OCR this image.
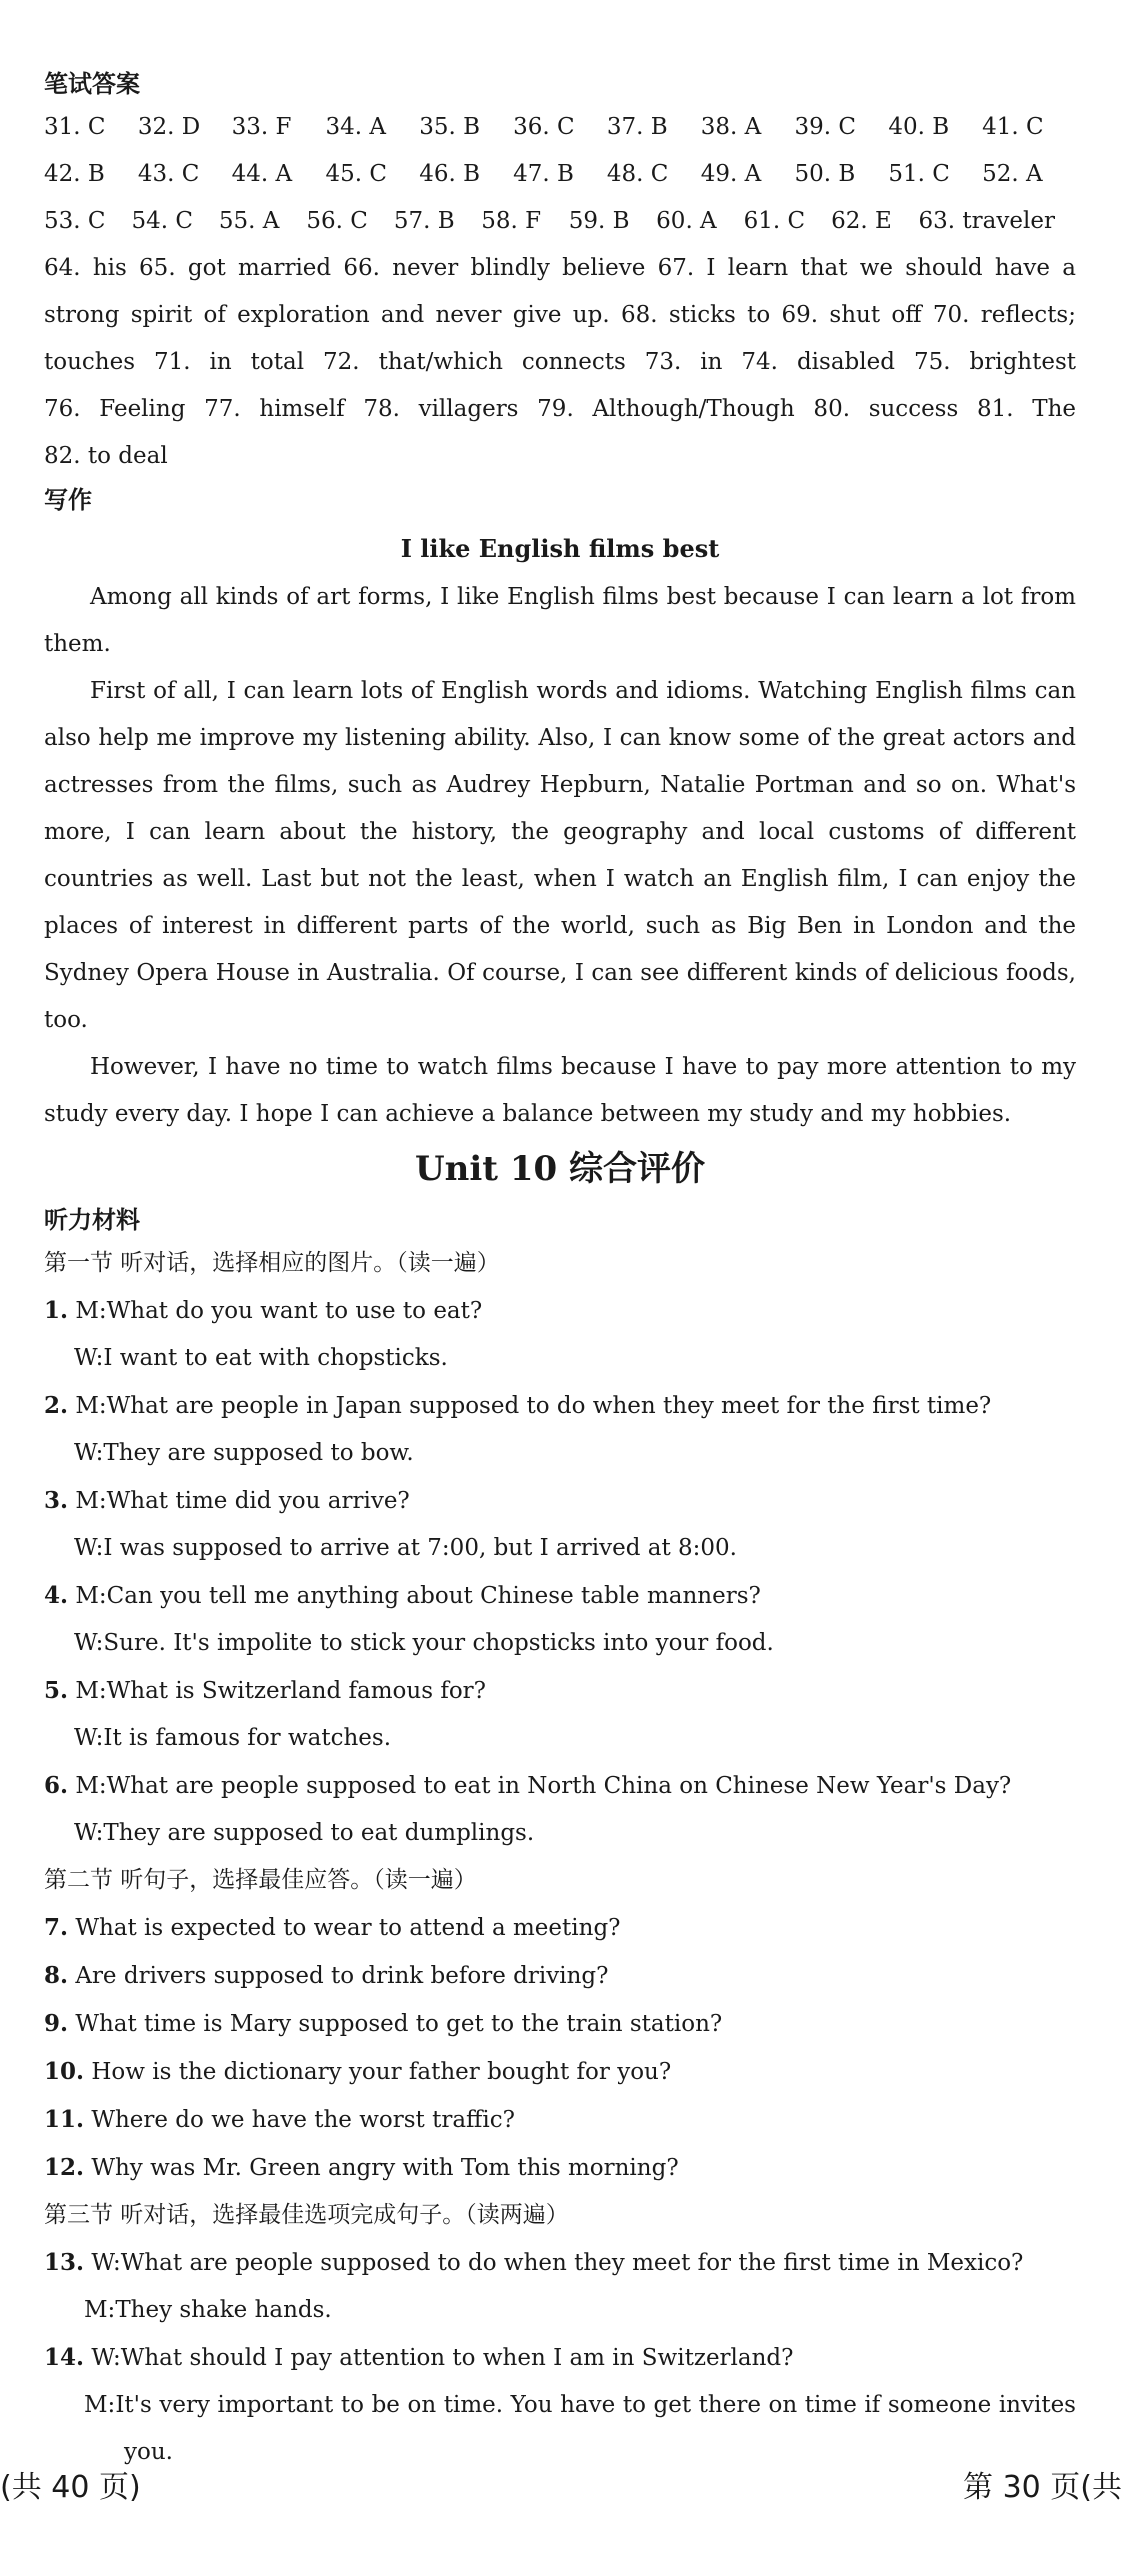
笔试答案
31. C	32. D	33. F	34. A	35. B	36. C	37. B	38. A	39. C	40. B	41. C
42. B	43. C	44. A	45. C	46. B	47. B	48. C	49. A	50. B	51. C	52. A
53. C	54. C	55. A	56. C	57. B	58. F	59. B	60. A	61. C	62. E	63. traveler
64. his 65. got married 66. never blindly believe 67. I learn that we should have a
strong spirit of exploration and never give up. 68. sticks to 69. shut off 70. reflects;
touches 71. in total 72. that/which connects 73. in 74. disabled 75. brightest
76. Feeling 77. himself 78. villagers 79. Although/Though 80. success 81. The
82. to deal
写作
I like English films best

Among all kinds of art forms, I like English films best because I can learn a lot from them.

First of all, I can learn lots of English words and idioms. Watching English films can also help me improve my listening ability. Also, I can know some of the great actors and actresses from the films, such as Audrey Hepburn, Natalie Portman and so on. What's more, I can learn about the history, the geography and local customs of different countries as well. Last but not the least, when I watch an English film, I can enjoy the places of interest in different parts of the world, such as Big Ben in London and the Sydney Opera House in Australia. Of course, I can see different kinds of delicious foods, too.

However, I have no time to watch films because I have to pay more attention to my study every day. I hope I can achieve a balance between my study and my hobbies.

Unit 10 综合评价
听力材料
第一节 听对话，选择相应的图片。（读一遍）
1. M:What do you want to use to eat?
W:I want to eat with chopsticks.
2. M:What are people in Japan supposed to do when they meet for the first time?
W:They are supposed to bow.
3. M:What time did you arrive?
W:I was supposed to arrive at 7:00, but I arrived at 8:00.
4. M:Can you tell me anything about Chinese table manners?
W:Sure. It's impolite to stick your chopsticks into your food.
5. M:What is Switzerland famous for?
W:It is famous for watches.
6. M:What are people supposed to eat in North China on Chinese New Year's Day?
W:They are supposed to eat dumplings.
第二节 听句子，选择最佳应答。（读一遍）
7. What is expected to wear to attend a meeting?
8. Are drivers supposed to drink before driving?
9. What time is Mary supposed to get to the train station?
10. How is the dictionary your father bought for you?
11. Where do we have the worst traffic?
12. Why was Mr. Green angry with Tom this morning?
第三节 听对话，选择最佳选项完成句子。（读两遍）
13. W:What are people supposed to do when they meet for the first time in Mexico?
M:They shake hands.
14. W:What should I pay attention to when I am in Switzerland?
M:It's very important to be on time. You have to get there on time if someone invites you.
(共 40 页)	第 30 页(共
